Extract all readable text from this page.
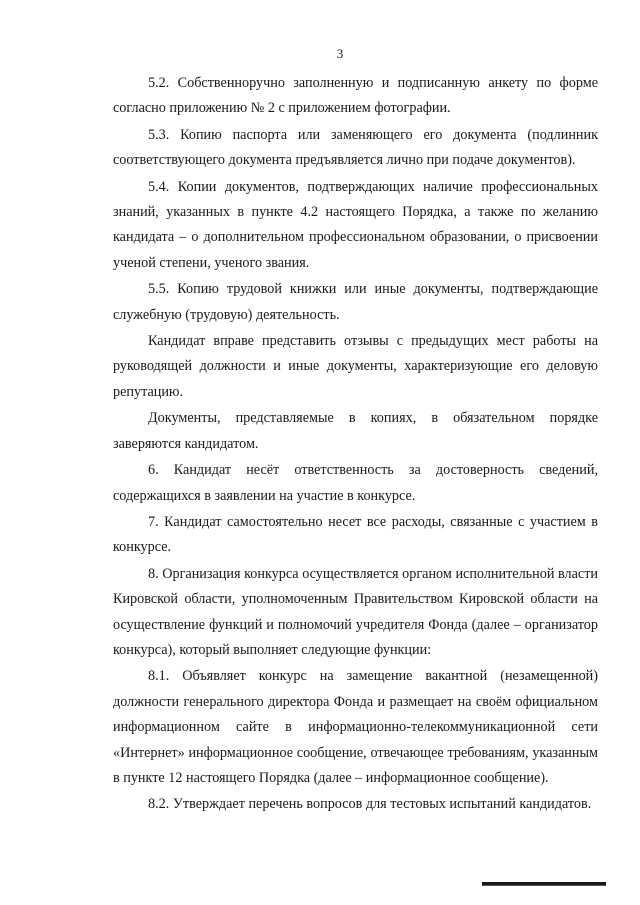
3

5.2. Собственноручно заполненную и подписанную анкету по форме согласно приложению № 2 с приложением фотографии.

5.3. Копию паспорта или заменяющего его документа (подлинник соответствующего документа предъявляется лично при подаче документов).

5.4. Копии документов, подтверждающих наличие профессиональных знаний, указанных в пункте 4.2 настоящего Порядка, а также по желанию кандидата – о дополнительном профессиональном образовании, о присвоении ученой степени, ученого звания.

5.5. Копию трудовой книжки или иные документы, подтверждающие служебную (трудовую) деятельность.

Кандидат вправе представить отзывы с предыдущих мест работы на руководящей должности и иные документы, характеризующие его деловую репутацию.

Документы, представляемые в копиях, в обязательном порядке заверяются кандидатом.

6. Кандидат несёт ответственность за достоверность сведений, содержащихся в заявлении на участие в конкурсе.

7. Кандидат самостоятельно несет все расходы, связанные с участием в конкурсе.

8. Организация конкурса осуществляется органом исполнительной власти Кировской области, уполномоченным Правительством Кировской области на осуществление функций и полномочий учредителя Фонда (далее – организатор конкурса), который выполняет следующие функции:

8.1. Объявляет конкурс на замещение вакантной (незамещенной) должности генерального директора Фонда и размещает на своём официальном информационном сайте в информационно-телекоммуникационной сети «Интернет» информационное сообщение, отвечающее требованиям, указанным в пункте 12 настоящего Порядка (далее – информационное сообщение).

8.2. Утверждает перечень вопросов для тестовых испытаний кандидатов.
